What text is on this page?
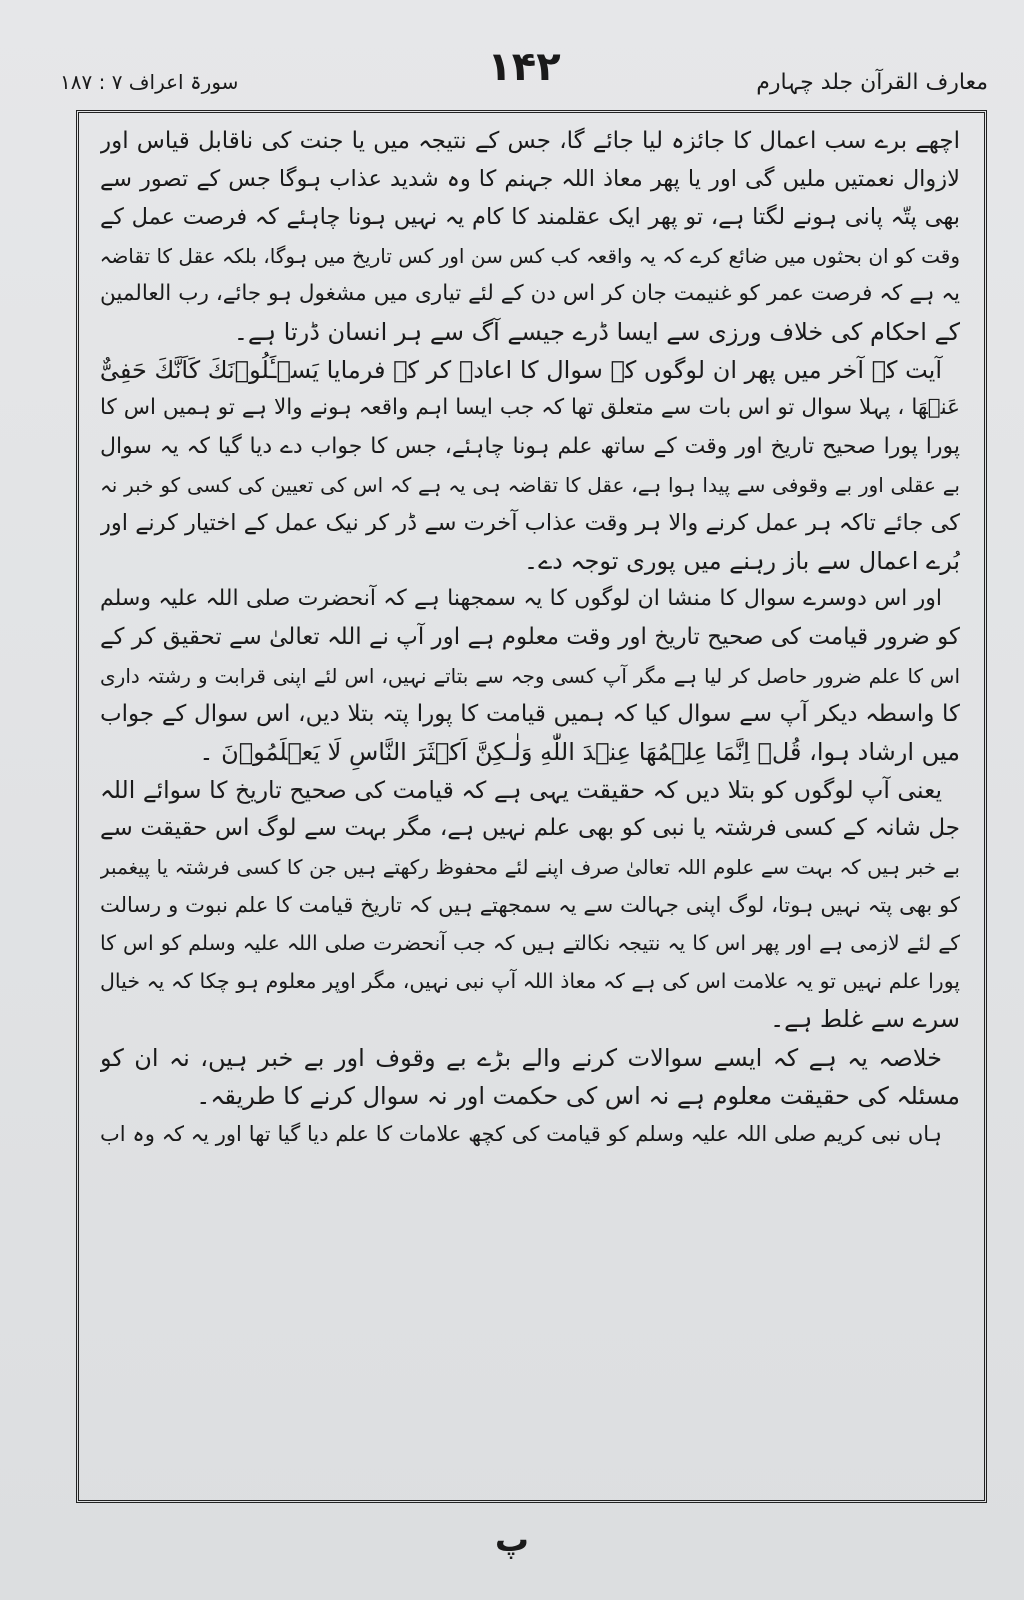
سورۃ اعراف ۷ : ۱۸۷	۱۴۲	معارف القرآن جلد چہارم
اچھے برے سب اعمال کا جائزہ لیا جائے گا، جس کے نتیجہ میں یا جنت کی ناقابل قیاس اور
لازوال نعمتیں ملیں گی اور یا پھر معاذ اللہ جہنم کا وہ شدید عذاب ہوگا جس کے تصور سے
بھی پتّہ پانی ہونے لگتا ہے، تو پھر ایک عقلمند کا کام یہ نہیں ہونا چاہئے کہ فرصت عمل کے
وقت کو ان بحثوں میں ضائع کرے کہ یہ واقعہ کب کس سن اور کس تاریخ میں ہوگا، بلکہ عقل کا تقاضہ
یہ ہے کہ فرصت عمر کو غنیمت جان کر اس دن کے لئے تیاری میں مشغول ہو جائے، رب العالمین
کے احکام کی خلاف ورزی سے ایسا ڈرے جیسے آگ سے ہر انسان ڈرتا ہے۔
آیت کے آخر میں پھر ان لوگوں کے سوال کا اعادہ کر کے فرمایا یَسۡـَٔلُوۡنَكَ كَاَنَّكَ حَفِیٌّ
عَنۡهَا ، پہلا سوال تو اس بات سے متعلق تھا کہ جب ایسا اہم واقعہ ہونے والا ہے تو ہمیں اس کا
پورا پورا صحیح تاریخ اور وقت کے ساتھ علم ہونا چاہئے، جس کا جواب دے دیا گیا کہ یہ سوال
بے عقلی اور بے وقوفی سے پیدا ہوا ہے، عقل کا تقاضہ ہی یہ ہے کہ اس کی تعیین کی کسی کو خبر نہ
کی جائے تاکہ ہر عمل کرنے والا ہر وقت عذاب آخرت سے ڈر کر نیک عمل کے اختیار کرنے اور
بُرے اعمال سے باز رہنے میں پوری توجہ دے۔
اور اس دوسرے سوال کا منشا ان لوگوں کا یہ سمجھنا ہے کہ آنحضرت صلی اللہ علیہ وسلم
کو ضرور قیامت کی صحیح تاریخ اور وقت معلوم ہے اور آپ نے اللہ تعالیٰ سے تحقیق کر کے
اس کا علم ضرور حاصل کر لیا ہے مگر آپ کسی وجہ سے بتاتے نہیں، اس لئے اپنی قرابت و رشتہ داری
کا واسطہ دیکر آپ سے سوال کیا کہ ہمیں قیامت کا پورا پتہ بتلا دیں، اس سوال کے جواب
میں ارشاد ہوا، قُلۡ اِنَّمَا عِلۡمُهَا عِنۡدَ اللّٰهِ وَلٰـكِنَّ اَكۡثَرَ النَّاسِ لَا یَعۡلَمُوۡنَ ۔
یعنی آپ لوگوں کو بتلا دیں کہ حقیقت یہی ہے کہ قیامت کی صحیح تاریخ کا سوائے اللہ
جل شانہ کے کسی فرشتہ یا نبی کو بھی علم نہیں ہے، مگر بہت سے لوگ اس حقیقت سے
بے خبر ہیں کہ بہت سے علوم اللہ تعالیٰ صرف اپنے لئے محفوظ رکھتے ہیں جن کا کسی فرشتہ یا پیغمبر
کو بھی پتہ نہیں ہوتا، لوگ اپنی جہالت سے یہ سمجھتے ہیں کہ تاریخ قیامت کا علم نبوت و رسالت
کے لئے لازمی ہے اور پھر اس کا یہ نتیجہ نکالتے ہیں کہ جب آنحضرت صلی اللہ علیہ وسلم کو اس کا
پورا علم نہیں تو یہ علامت اس کی ہے کہ معاذ اللہ آپ نبی نہیں، مگر اوپر معلوم ہو چکا کہ یہ خیال
سرے سے غلط ہے۔
خلاصہ یہ ہے کہ ایسے سوالات کرنے والے بڑے بے وقوف اور بے خبر ہیں، نہ ان کو
مسئلہ کی حقیقت معلوم ہے نہ اس کی حکمت اور نہ سوال کرنے کا طریقہ۔
ہاں نبی کریم صلی اللہ علیہ وسلم کو قیامت کی کچھ علامات کا علم دیا گیا تھا اور یہ کہ وہ اب
پ
